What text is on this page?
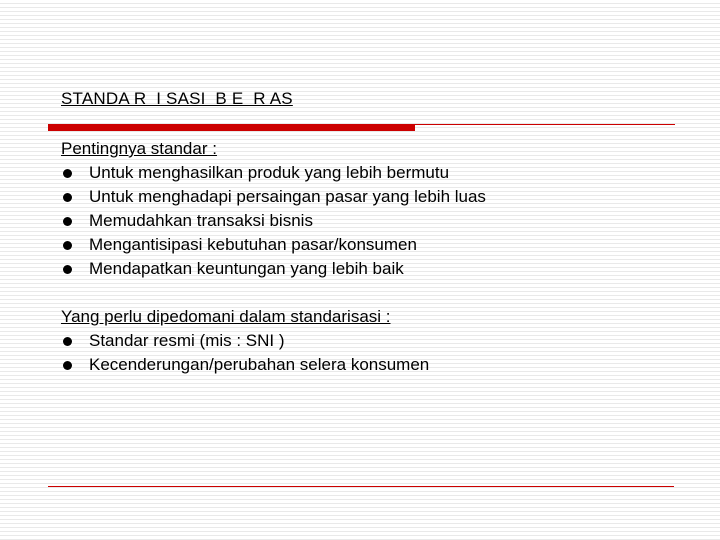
STANDA R  I SASI  B E  R AS
Pentingnya standar :
Untuk menghasilkan produk yang lebih bermutu
Untuk menghadapi persaingan pasar yang lebih luas
Memudahkan transaksi bisnis
Mengantisipasi kebutuhan pasar/konsumen
Mendapatkan keuntungan yang lebih baik
Yang perlu dipedomani dalam standarisasi :
Standar resmi (mis : SNI )
Kecenderungan/perubahan selera konsumen
